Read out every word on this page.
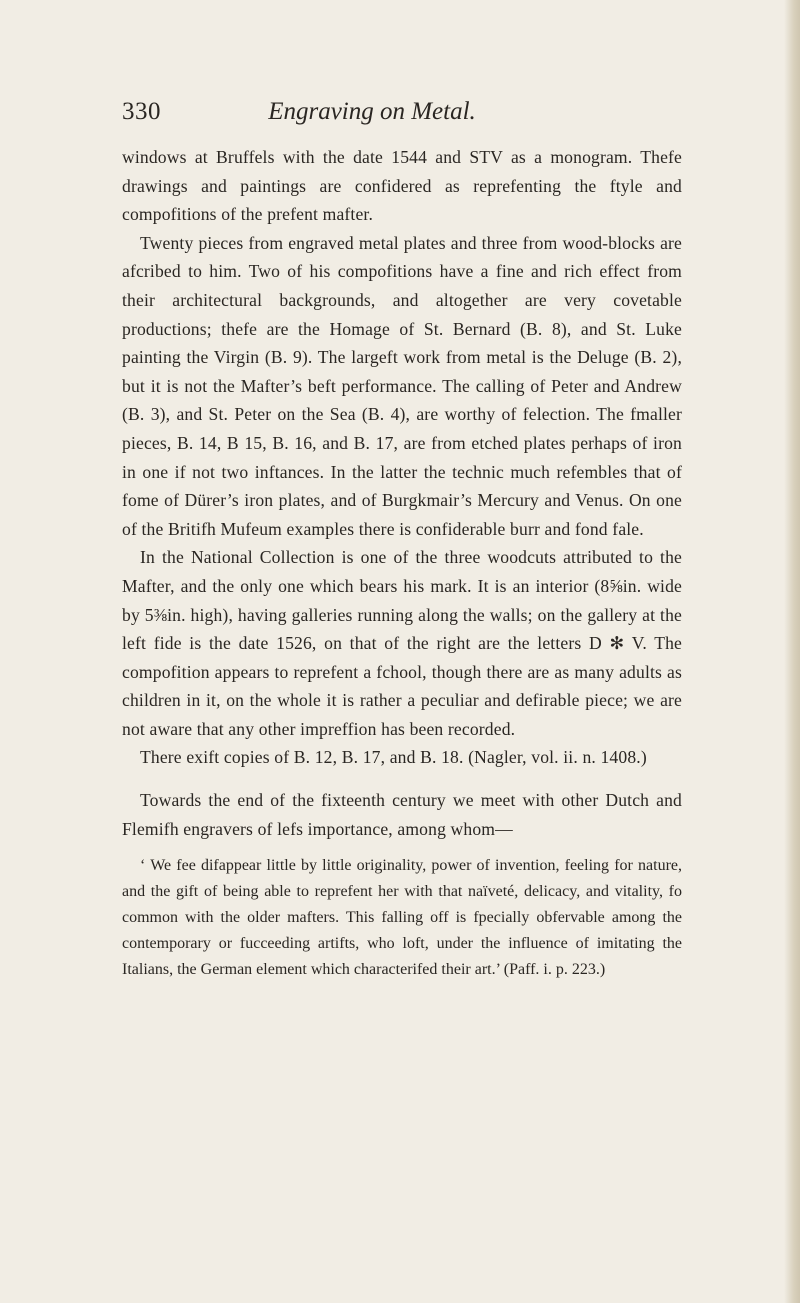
330	Engraving on Metal.

windows at Bruffels with the date 1544 and STV as a monogram. Thefe drawings and paintings are confidered as reprefenting the ftyle and compofitions of the prefent mafter.

Twenty pieces from engraved metal plates and three from wood-blocks are afcribed to him. Two of his compofitions have a fine and rich effect from their architectural backgrounds, and altogether are very covetable productions; thefe are the Homage of St. Bernard (B. 8), and St. Luke painting the Virgin (B. 9). The largeft work from metal is the Deluge (B. 2), but it is not the Mafter’s beft performance. The calling of Peter and Andrew (B. 3), and St. Peter on the Sea (B. 4), are worthy of felection. The fmaller pieces, B. 14, B 15, B. 16, and B. 17, are from etched plates perhaps of iron in one if not two inftances. In the latter the technic much refembles that of fome of Dürer’s iron plates, and of Burgkmair’s Mercury and Venus. On one of the Britifh Mufeum examples there is confiderable burr and fond fale.

In the National Collection is one of the three woodcuts attributed to the Mafter, and the only one which bears his mark. It is an interior (8⅝in. wide by 5⅜in. high), having galleries running along the walls; on the gallery at the left fide is the date 1526, on that of the right are the letters D ✻ V. The compofition appears to reprefent a fchool, though there are as many adults as children in it, on the whole it is rather a peculiar and defirable piece; we are not aware that any other impreffion has been recorded.

There exift copies of B. 12, B. 17, and B. 18. (Nagler, vol. ii. n. 1408.)

Towards the end of the fixteenth century we meet with other Dutch and Flemifh engravers of lefs importance, among whom—

‘ We fee difappear little by little originality, power of invention, feeling for nature, and the gift of being able to reprefent her with that naïveté, delicacy, and vitality, fo common with the older mafters. This falling off is fpecially obfervable among the contemporary or fucceeding artifts, who loft, under the influence of imitating the Italians, the German element which characterifed their art.’ (Paff. i. p. 223.)
